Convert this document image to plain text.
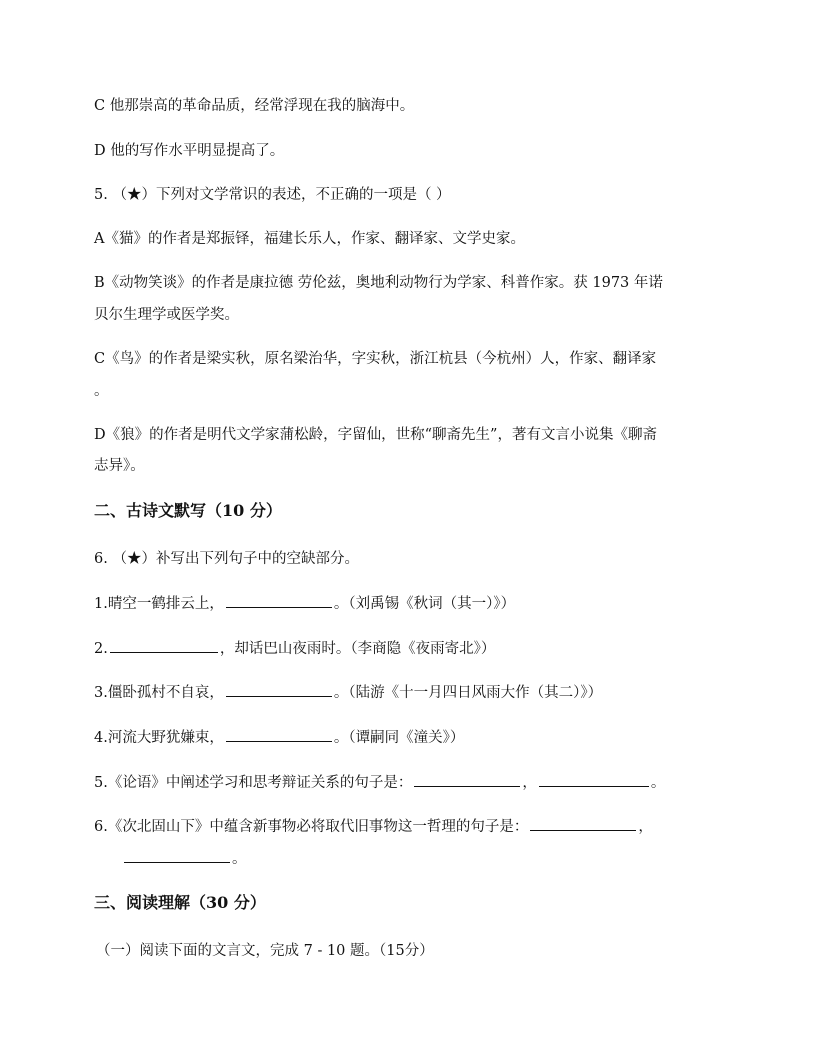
C 他那崇高的革命品质，经常浮现在我的脑海中。
D 他的写作水平明显提高了。
5. （★）下列对文学常识的表述，不正确的一项是（ ）
A《猫》的作者是郑振铎，福建长乐人，作家、翻译家、文学史家。
B《动物笑谈》的作者是康拉德 劳伦兹，奥地利动物行为学家、科普作家。获 1973 年诺
贝尔生理学或医学奖。
C《鸟》的作者是梁实秋，原名梁治华，字实秋，浙江杭县（今杭州）人，作家、翻译家
。
D《狼》的作者是明代文学家蒲松龄，字留仙，世称“聊斋先生”，著有文言小说集《聊斋
志异》。
二、古诗文默写（10 分）
6. （★）补写出下列句子中的空缺部分。
1.晴空一鹤排云上，	。（刘禹锡《秋词（其一）》）
2.	，却话巴山夜雨时。（李商隐《夜雨寄北》）
3.僵卧孤村不自哀，	。（陆游《十一月四日风雨大作（其二）》）
4.河流大野犹嫌束，	。（谭嗣同《潼关》）
5.《论语》中阐述学习和思考辩证关系的句子是：	，	。
6.《次北固山下》中蕴含新事物必将取代旧事物这一哲理的句子是：	，
。
三、阅读理解（30 分）
（一）阅读下面的文言文，完成 7 - 10 题。（15分）
